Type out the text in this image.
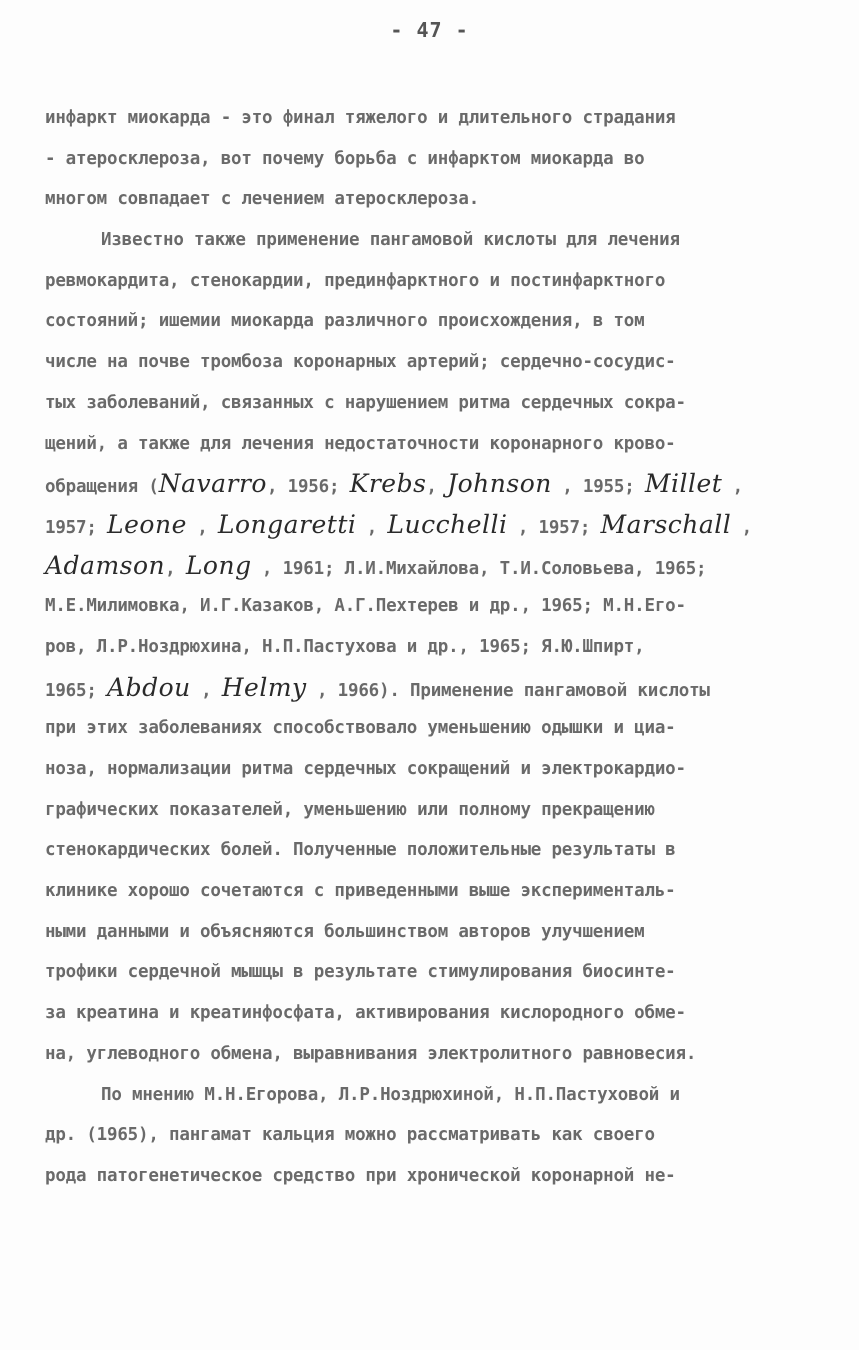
- 47 -
инфаркт миокарда - это финал тяжелого и длительного страдания
- атеросклероза, вот почему борьба с инфарктом миокарда во
многом совпадает с лечением атеросклероза.
Известно также применение пангамовой кислоты для лечения
ревмокардита, стенокардии, прединфарктного и постинфарктного
состояний; ишемии миокарда различного происхождения, в том
числе на почве тромбоза коронарных артерий; сердечно-сосудис-
тых заболеваний, связанных с нарушением ритма сердечных сокра-
щений, а также для лечения недостаточности коронарного крово-
обращения (Navarro, 1956; Krebs, Johnson , 1955; Millet ,
1957; Leone , Longaretti , Lucchelli , 1957; Marschall ,
Adamson, Long , 1961; Л.И.Михайлова, Т.И.Соловьева, 1965;
М.Е.Милимовка, И.Г.Казаков, А.Г.Пехтерев и др., 1965; М.Н.Его-
ров, Л.Р.Ноздрюхина, Н.П.Пастухова и др., 1965; Я.Ю.Шпирт,
1965; Abdou , Helmy , 1966). Применение пангамовой кислоты
при этих заболеваниях способствовало уменьшению одышки и циа-
ноза, нормализации ритма сердечных сокращений и электрокардио-
графических показателей, уменьшению или полному прекращению
стенокардических болей. Полученные положительные результаты в
клинике хорошо сочетаются с приведенными выше эксперименталь-
ными данными и объясняются большинством авторов улучшением
трофики сердечной мышцы в результате стимулирования биосинте-
за креатина и креатинфосфата, активирования кислородного обме-
на, углеводного обмена, выравнивания электролитного равновесия.
По мнению М.Н.Егорова, Л.Р.Ноздрюхиной, Н.П.Пастуховой и
др. (1965), пангамат кальция можно рассматривать как своего
рода патогенетическое средство при хронической коронарной не-
